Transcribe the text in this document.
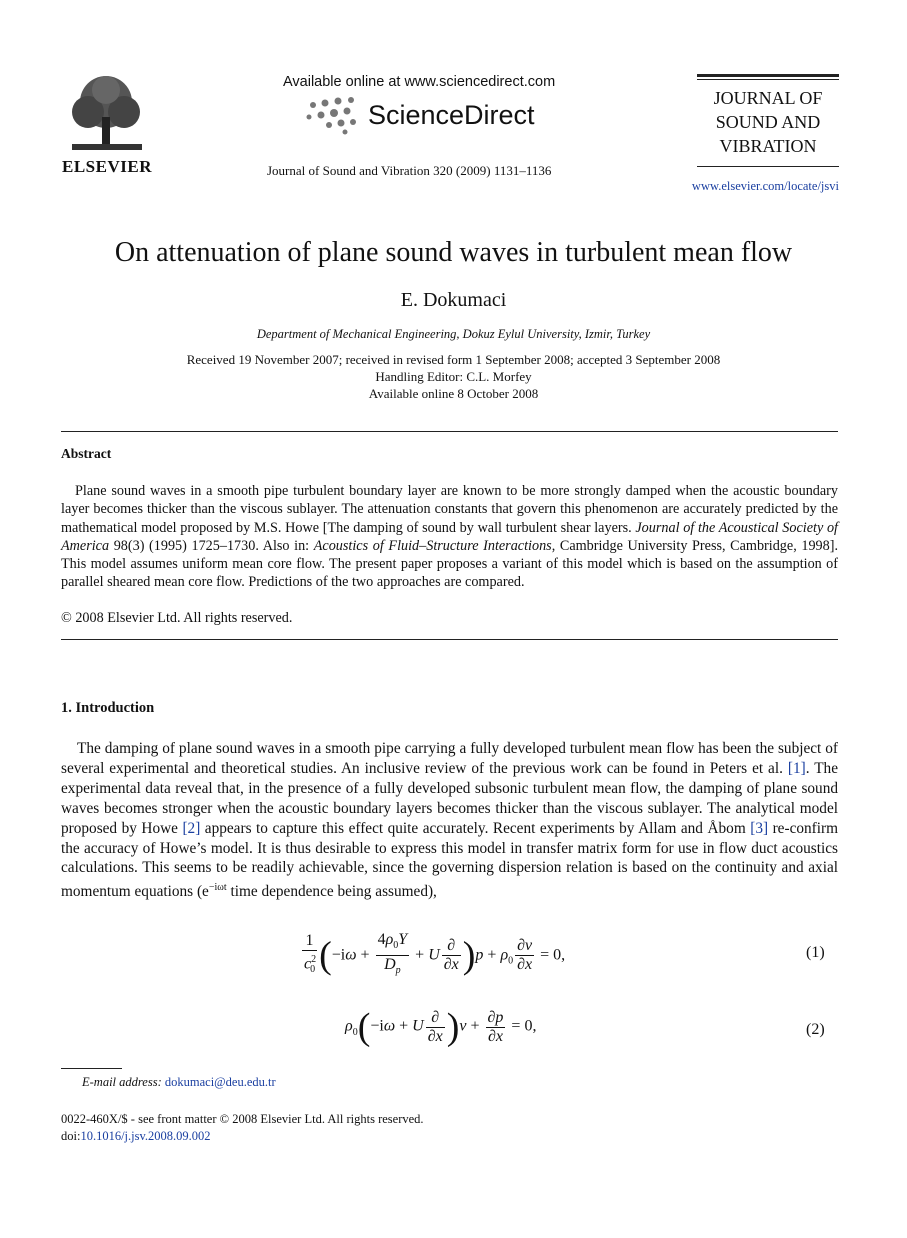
ELSEVIER
Available online at www.sciencedirect.com
ScienceDirect
Journal of Sound and Vibration 320 (2009) 1131–1136
JOURNAL OF
SOUND AND
VIBRATION
www.elsevier.com/locate/jsvi
On attenuation of plane sound waves in turbulent mean flow
E. Dokumaci
Department of Mechanical Engineering, Dokuz Eylul University, Izmir, Turkey
Received 19 November 2007; received in revised form 1 September 2008; accepted 3 September 2008
Handling Editor: C.L. Morfey
Available online 8 October 2008
Abstract
Plane sound waves in a smooth pipe turbulent boundary layer are known to be more strongly damped when the acoustic boundary layer becomes thicker than the viscous sublayer. The attenuation constants that govern this phenomenon are accurately predicted by the mathematical model proposed by M.S. Howe [The damping of sound by wall turbulent shear layers. Journal of the Acoustical Society of America 98(3) (1995) 1725–1730. Also in: Acoustics of Fluid–Structure Interactions, Cambridge University Press, Cambridge, 1998]. This model assumes uniform mean core flow. The present paper proposes a variant of this model which is based on the assumption of parallel sheared mean core flow. Predictions of the two approaches are compared.
© 2008 Elsevier Ltd. All rights reserved.
1. Introduction
The damping of plane sound waves in a smooth pipe carrying a fully developed turbulent mean flow has been the subject of several experimental and theoretical studies. An inclusive review of the previous work can be found in Peters et al. [1]. The experimental data reveal that, in the presence of a fully developed subsonic turbulent mean flow, the damping of plane sound waves becomes stronger when the acoustic boundary layers becomes thicker than the viscous sublayer. The analytical model proposed by Howe [2] appears to capture this effect quite accurately. Recent experiments by Allam and Åbom [3] re-confirm the accuracy of Howe’s model. It is thus desirable to express this model in transfer matrix form for use in flow duct acoustics calculations. This seems to be readily achievable, since the governing dispersion relation is based on the continuity and axial momentum equations ($e^{-i\omega t}$ time dependence being assumed),
$\frac{1}{c^2_0} (-i\omega + \frac{4\rho_0Y}{D_p} + U \frac{\partial}{\partial x} )p + \rho_0 \frac{\partial v}{\partial x} = 0$,	(1)
$\rho_0(-i\omega + U \frac{\partial}{\partial x} )v + \frac{\partial p}{\partial x} = 0$,	(2)
E-mail address: dokumaci@deu.edu.tr
0022-460X/$ - see front matter © 2008 Elsevier Ltd. All rights reserved.
doi:10.1016/j.jsv.2008.09.002
